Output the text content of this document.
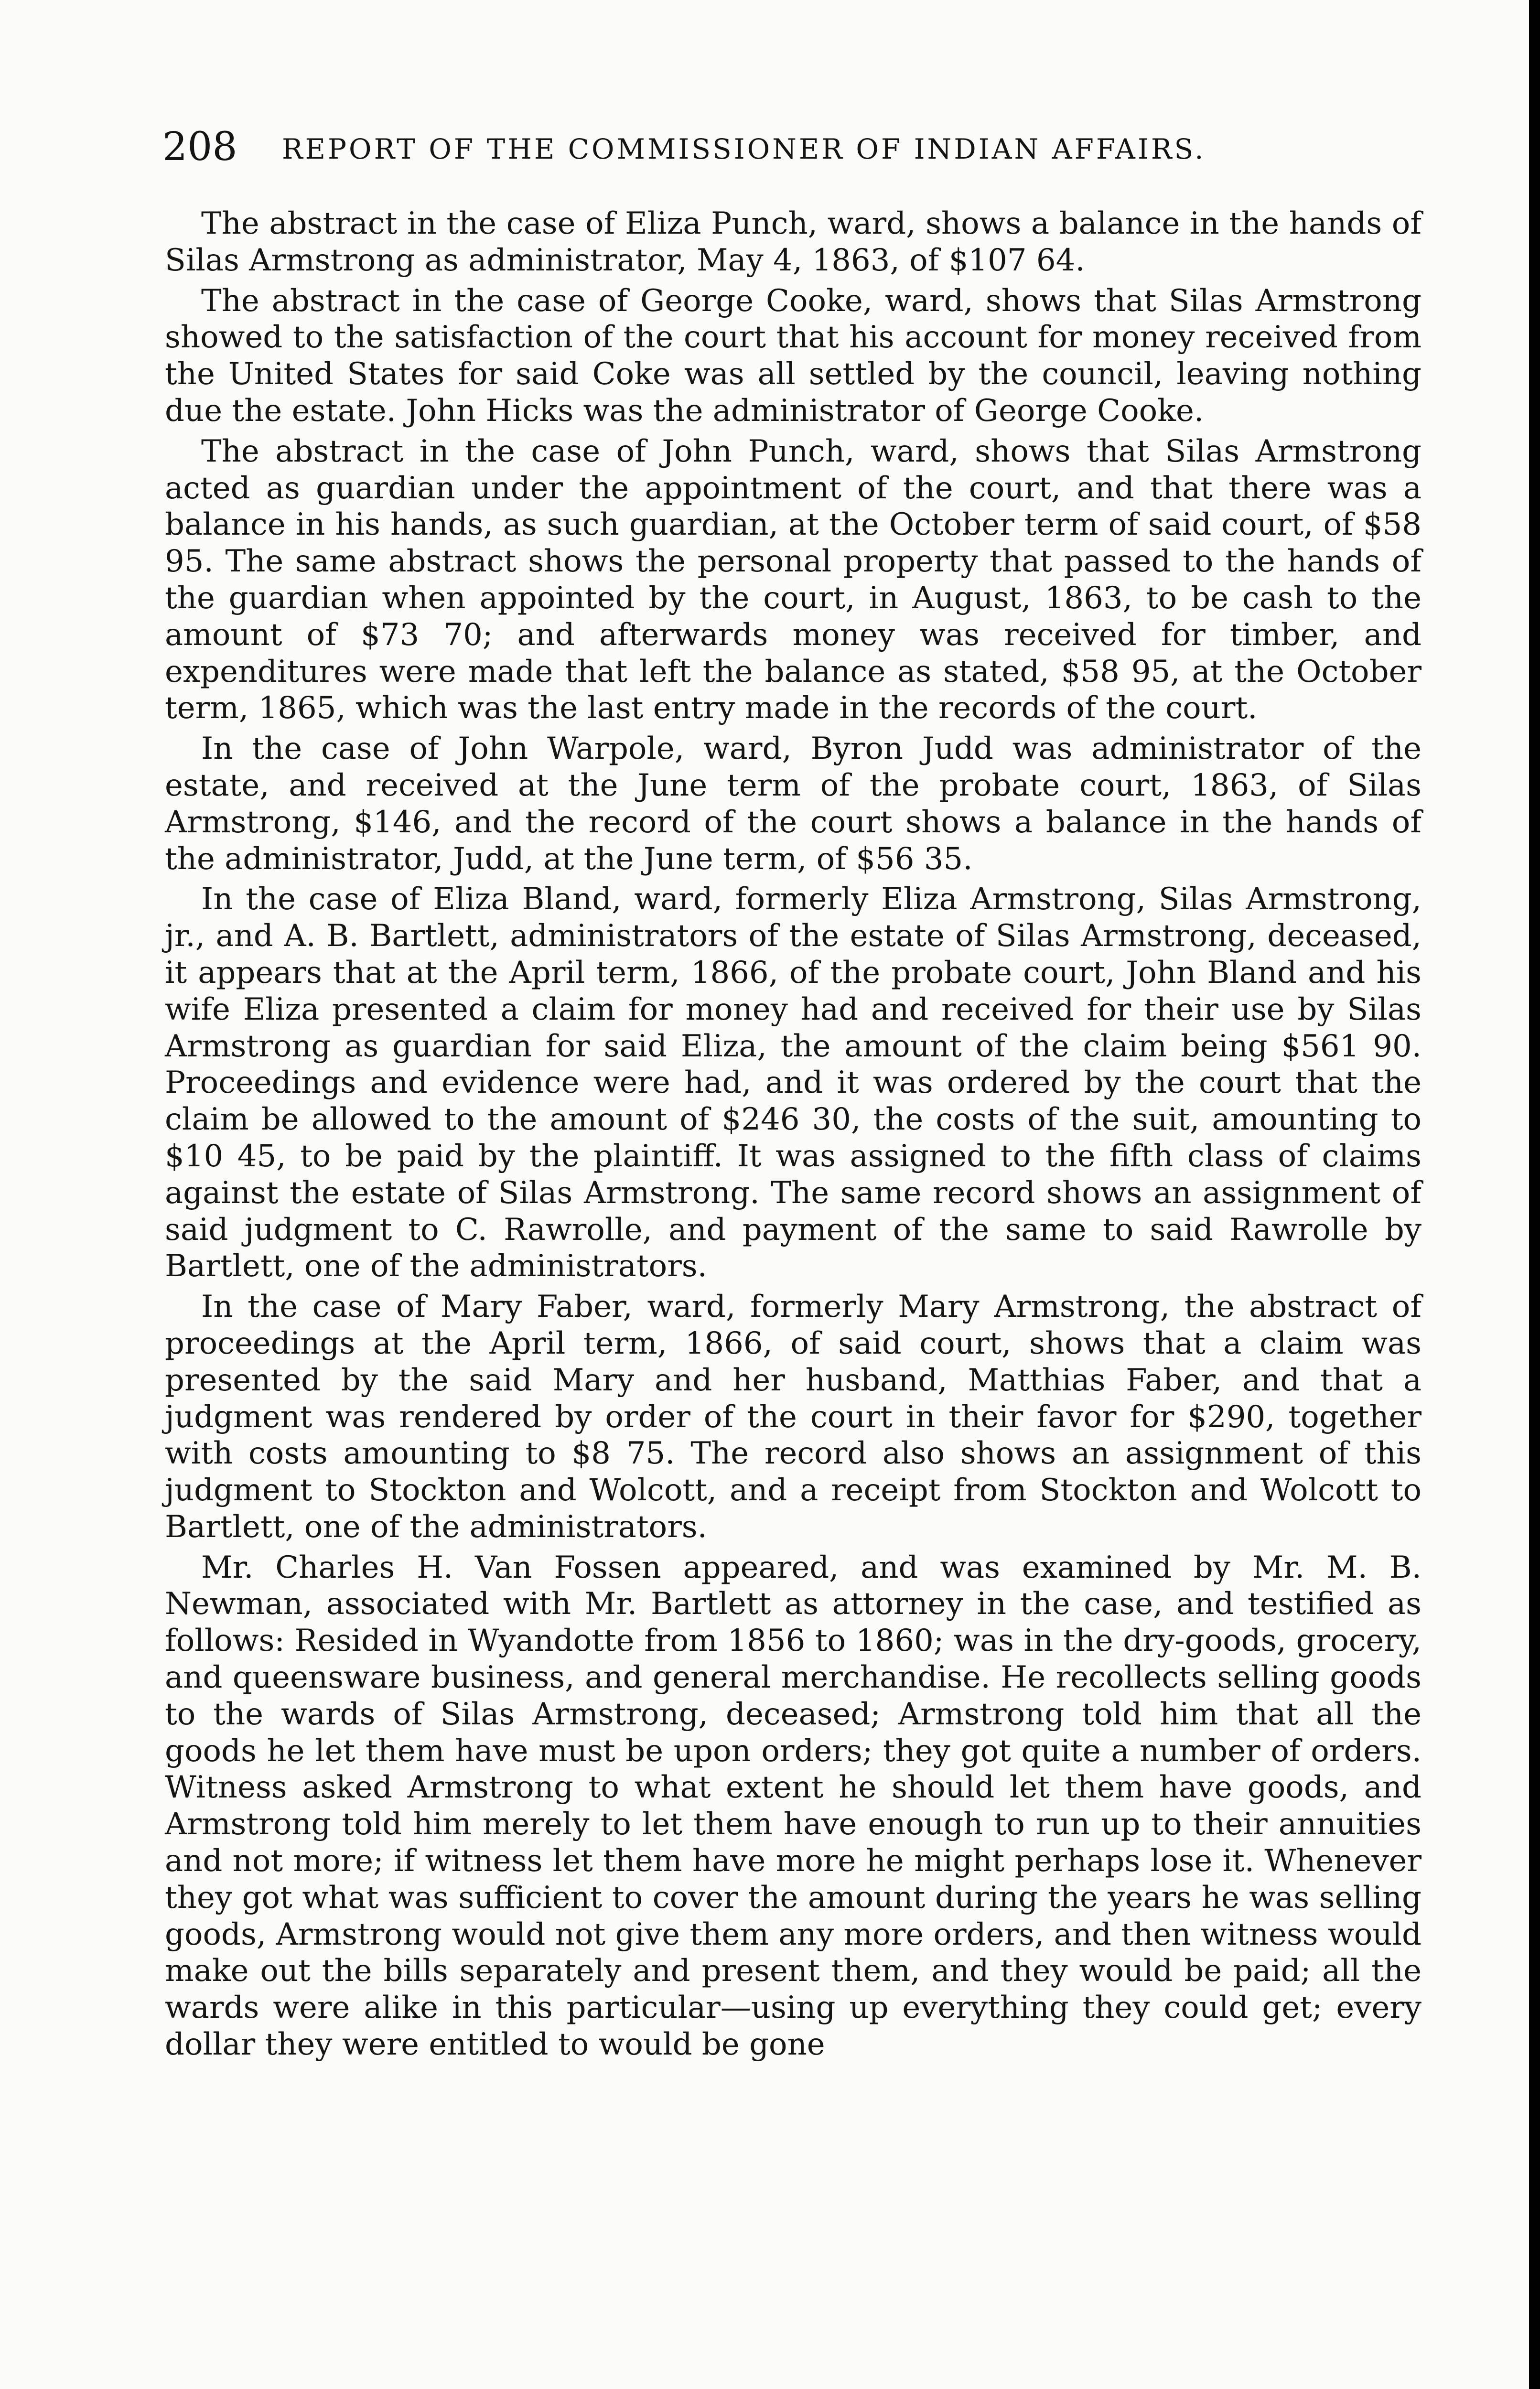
208 REPORT OF THE COMMISSIONER OF INDIAN AFFAIRS.

The abstract in the case of Eliza Punch, ward, shows a balance in the hands of Silas Armstrong as administrator, May 4, 1863, of $107 64.

The abstract in the case of George Cooke, ward, shows that Silas Armstrong showed to the satisfaction of the court that his account for money received from the United States for said Coke was all settled by the council, leaving nothing due the estate. John Hicks was the administrator of George Cooke.

The abstract in the case of John Punch, ward, shows that Silas Armstrong acted as guardian under the appointment of the court, and that there was a balance in his hands, as such guardian, at the October term of said court, of $58 95. The same abstract shows the personal property that passed to the hands of the guardian when appointed by the court, in August, 1863, to be cash to the amount of $73 70; and afterwards money was received for timber, and expenditures were made that left the balance as stated, $58 95, at the October term, 1865, which was the last entry made in the records of the court.

In the case of John Warpole, ward, Byron Judd was administrator of the estate, and received at the June term of the probate court, 1863, of Silas Armstrong, $146, and the record of the court shows a balance in the hands of the administrator, Judd, at the June term, of $56 35.

In the case of Eliza Bland, ward, formerly Eliza Armstrong, Silas Armstrong, jr., and A. B. Bartlett, administrators of the estate of Silas Armstrong, deceased, it appears that at the April term, 1866, of the probate court, John Bland and his wife Eliza presented a claim for money had and received for their use by Silas Armstrong as guardian for said Eliza, the amount of the claim being $561 90. Proceedings and evidence were had, and it was ordered by the court that the claim be allowed to the amount of $246 30, the costs of the suit, amounting to $10 45, to be paid by the plaintiff. It was assigned to the fifth class of claims against the estate of Silas Armstrong. The same record shows an assignment of said judgment to C. Rawrolle, and payment of the same to said Rawrolle by Bartlett, one of the administrators.

In the case of Mary Faber, ward, formerly Mary Armstrong, the abstract of proceedings at the April term, 1866, of said court, shows that a claim was presented by the said Mary and her husband, Matthias Faber, and that a judgment was rendered by order of the court in their favor for $290, together with costs amounting to $8 75. The record also shows an assignment of this judgment to Stockton and Wolcott, and a receipt from Stockton and Wolcott to Bartlett, one of the administrators.

Mr. Charles H. Van Fossen appeared, and was examined by Mr. M. B. Newman, associated with Mr. Bartlett as attorney in the case, and testified as follows: Resided in Wyandotte from 1856 to 1860; was in the dry-goods, grocery, and queensware business, and general merchandise. He recollects selling goods to the wards of Silas Armstrong, deceased; Armstrong told him that all the goods he let them have must be upon orders; they got quite a number of orders. Witness asked Armstrong to what extent he should let them have goods, and Armstrong told him merely to let them have enough to run up to their annuities and not more; if witness let them have more he might perhaps lose it. Whenever they got what was sufficient to cover the amount during the years he was selling goods, Armstrong would not give them any more orders, and then witness would make out the bills separately and present them, and they would be paid; all the wards were alike in this particular—using up everything they could get; every dollar they were entitled to would be gone
